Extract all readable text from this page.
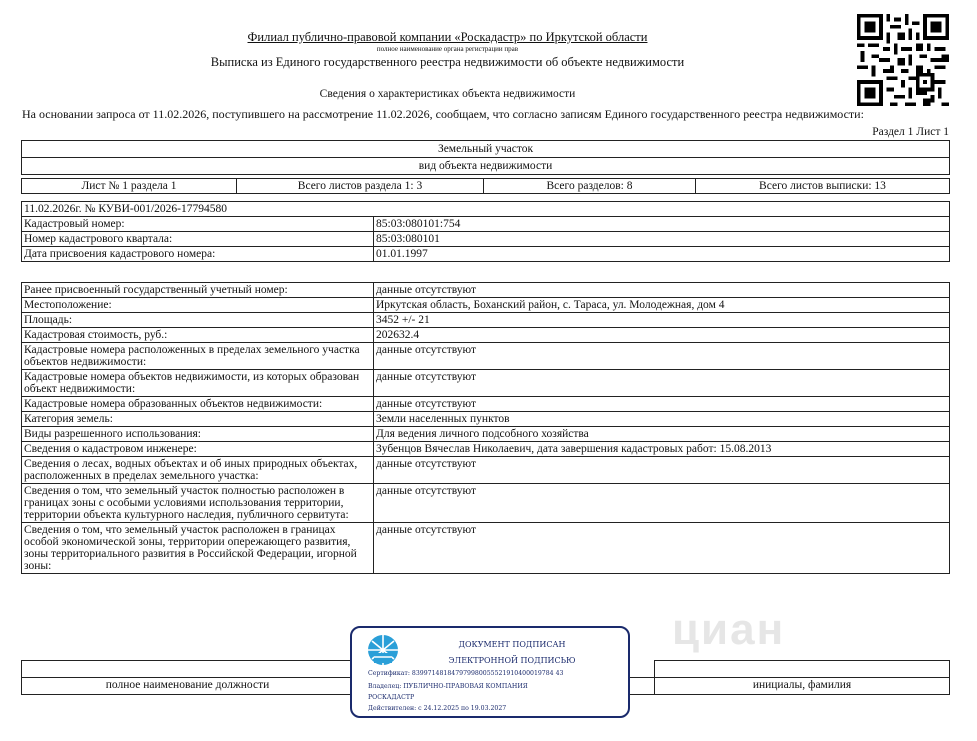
Филиал публично-правовой компании «Роскадастр» по Иркутской области
полное наименование органа регистрации прав
Выписка из Единого государственного реестра недвижимости об объекте недвижимости
Сведения о характеристиках объекта недвижимости
На основании запроса от 11.02.2026, поступившего на рассмотрение 11.02.2026, сообщаем, что согласно записям Единого государственного реестра недвижимости:
Раздел 1 Лист 1
Земельный участок
вид объекта недвижимости
Лист № 1 раздела 1	Всего листов раздела 1: 3	Всего разделов: 8	Всего листов выписки: 13
11.02.2026г. № КУВИ-001/2026-17794580	
Кадастровый номер:	85:03:080101:754
Номер кадастрового квартала:	85:03:080101
Дата присвоения кадастрового номера:	01.01.1997
Ранее присвоенный государственный учетный номер:	данные отсутствуют
Местоположение:	Иркутская область, Боханский район, с. Тараса, ул. Молодежная, дом 4
Площадь:	3452 +/- 21
Кадастровая стоимость, руб.:	202632.4
Кадастровые номера расположенных в пределах земельного участка объектов недвижимости:	данные отсутствуют
Кадастровые номера объектов недвижимости, из которых образован объект недвижимости:	данные отсутствуют
Кадастровые номера образованных объектов недвижимости:	данные отсутствуют
Категория земель:	Земли населенных пунктов
Виды разрешенного использования:	Для ведения личного подсобного хозяйства
Сведения о кадастровом инженере:	Зубенцов Вячеслав Николаевич, дата завершения кадастровых работ: 15.08.2013
Сведения о лесах, водных объектах и об иных природных объектах, расположенных в пределах земельного участка:	данные отсутствуют
Сведения о том, что земельный участок полностью расположен в границах зоны с особыми условиями использования территории, территории объекта культурного наследия, публичного сервитута:	данные отсутствуют
Сведения о том, что земельный участок расположен в границах особой экономической зоны, территории опережающего развития, зоны территориального развития в Российской Федерации, игорной зоны:	данные отсутствуют
циан

полное наименование должности		инициалы, фамилия
ДОКУМЕНТ ПОДПИСАН
ЭЛЕКТРОННОЙ ПОДПИСЬЮ
Сертификат: 839971481847979980055521910400019784 43
Владелец: ПУБЛИЧНО-ПРАВОВАЯ КОМПАНИЯ
РОСКАДАСТР
Действителен: с 24.12.2025 по 19.03.2027
